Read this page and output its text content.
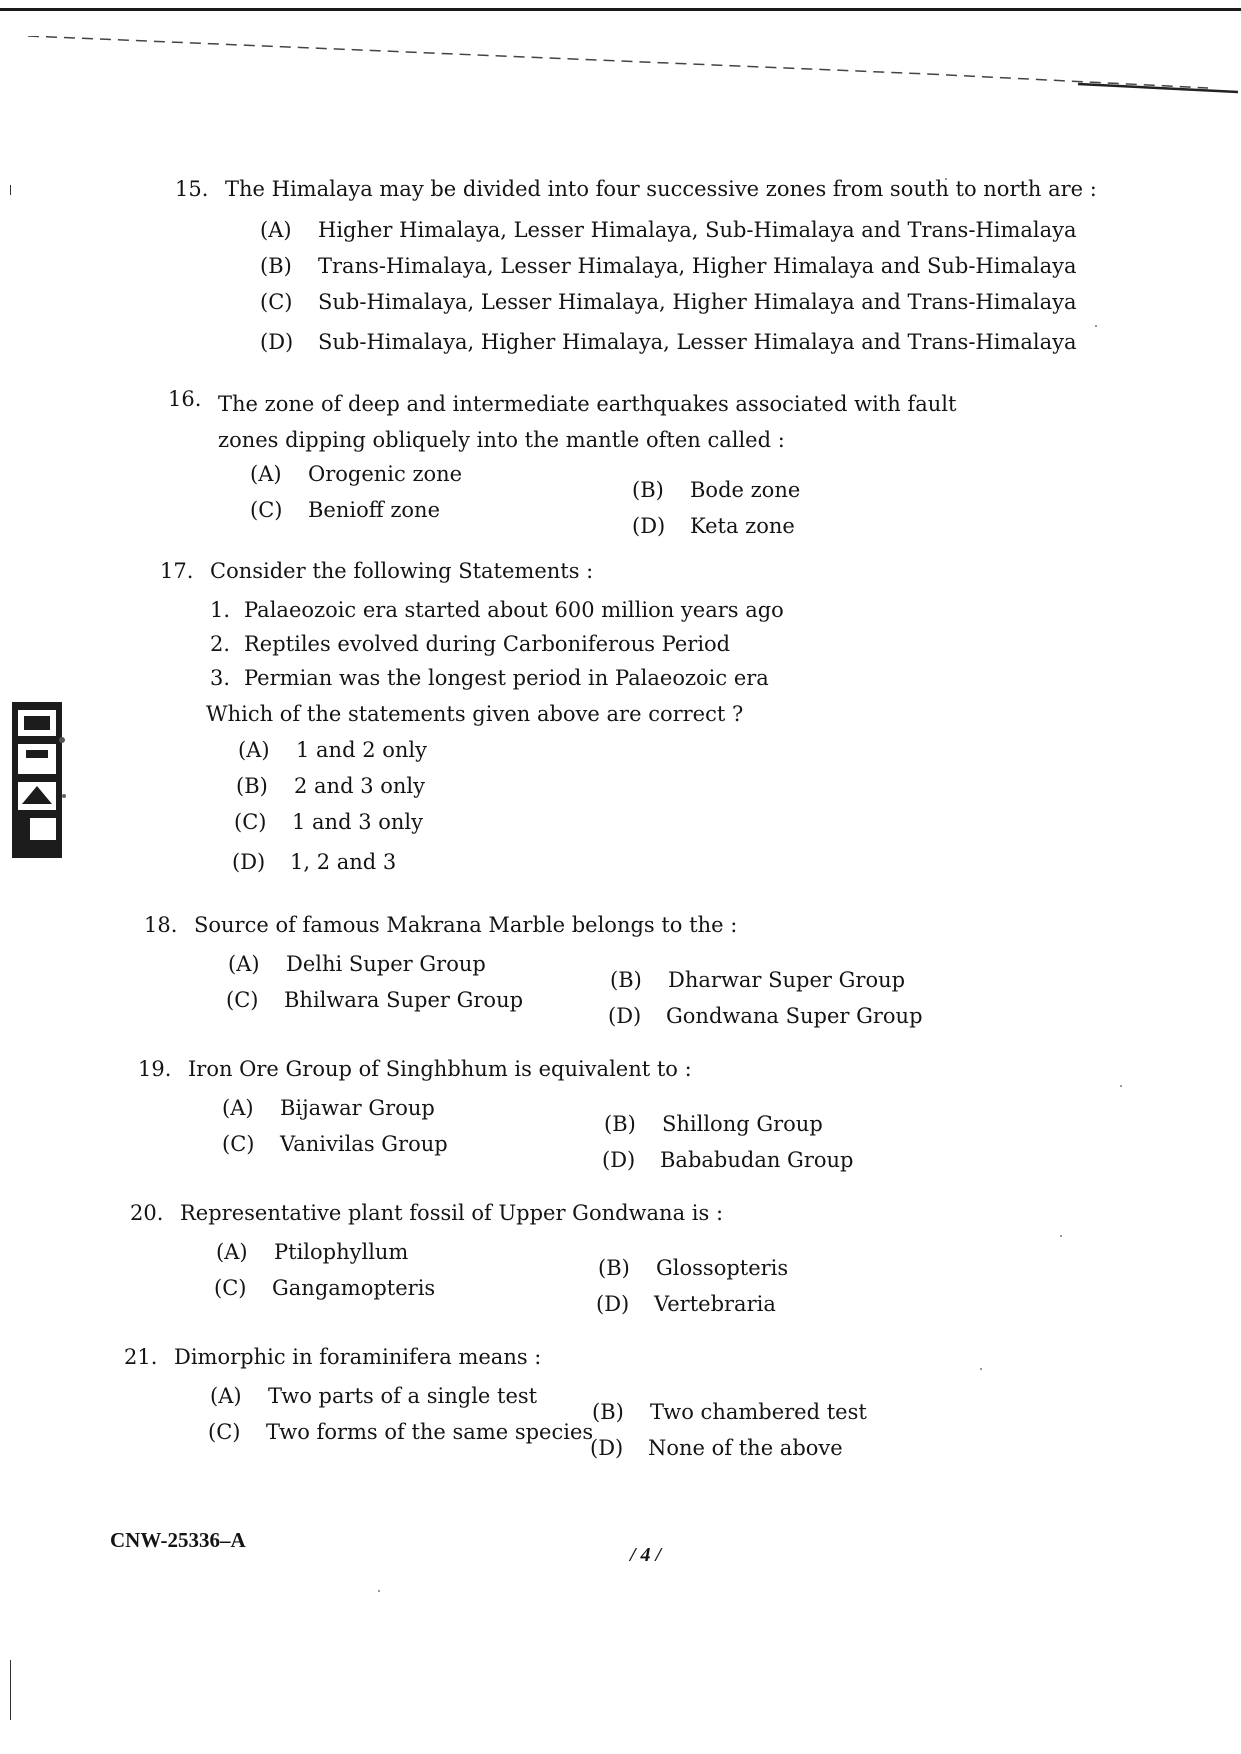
15. The Himalaya may be divided into four successive zones from south to north are :
(A) Higher Himalaya, Lesser Himalaya, Sub-Himalaya and Trans-Himalaya
(B) Trans-Himalaya, Lesser Himalaya, Higher Himalaya and Sub-Himalaya
(C) Sub-Himalaya, Lesser Himalaya, Higher Himalaya and Trans-Himalaya
(D) Sub-Himalaya, Higher Himalaya, Lesser Himalaya and Trans-Himalaya
16. The zone of deep and intermediate earthquakes associated with fault zones dipping obliquely into the mantle often called :
(A) Orogenic zone
(B) Bode zone
(C) Benioff zone
(D) Keta zone
17. Consider the following Statements :
1. Palaeozoic era started about 600 million years ago
2. Reptiles evolved during Carboniferous Period
3. Permian was the longest period in Palaeozoic era
Which of the statements given above are correct ?
(A) 1 and 2 only
(B) 2 and 3 only
(C) 1 and 3 only
(D) 1, 2 and 3
18. Source of famous Makrana Marble belongs to the :
(A) Delhi Super Group
(B) Dharwar Super Group
(C) Bhilwara Super Group
(D) Gondwana Super Group
19. Iron Ore Group of Singhbhum is equivalent to :
(A) Bijawar Group
(B) Shillong Group
(C) Vanivilas Group
(D) Bababudan Group
20. Representative plant fossil of Upper Gondwana is :
(A) Ptilophyllum
(B) Glossopteris
(C) Gangamopteris
(D) Vertebraria
21. Dimorphic in foraminifera means :
(A) Two parts of a single test
(B) Two chambered test
(C) Two forms of the same species
(D) None of the above
CNW-25336–A
/ 4 /
